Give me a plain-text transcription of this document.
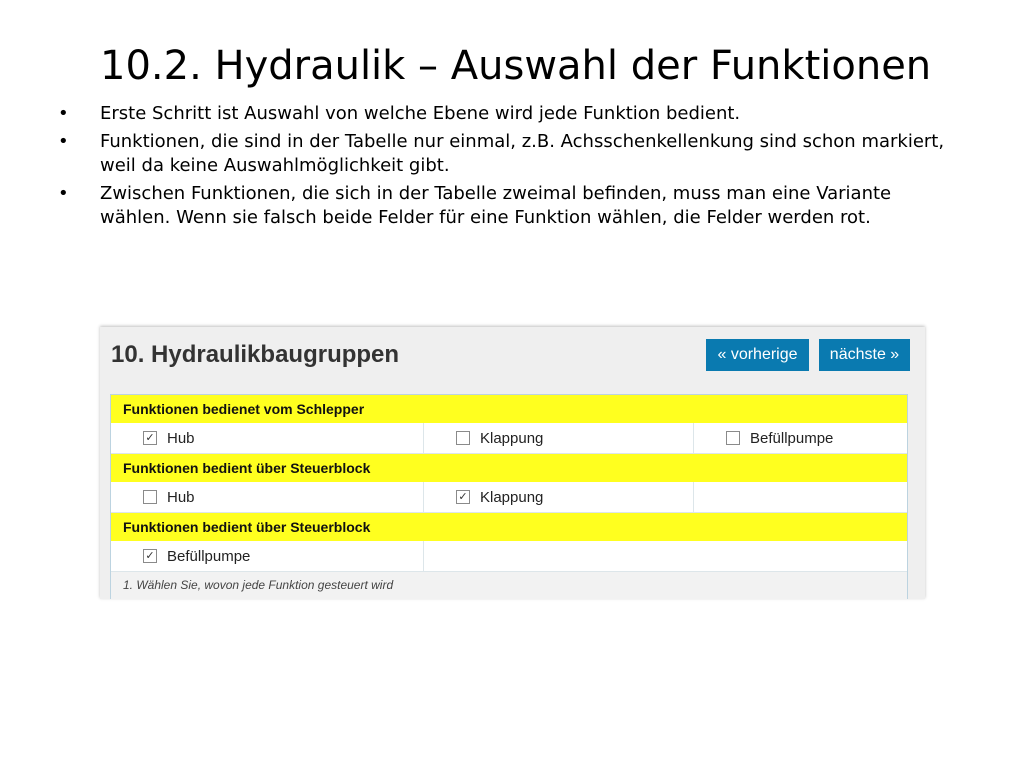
10.2. Hydraulik – Auswahl der Funktionen
• Erste Schritt ist Auswahl von welche Ebene wird jede Funktion bedient.
• Funktionen, die sind in der Tabelle nur einmal, z.B. Achsschenkellenkung sind schon markiert, weil da keine Auswahlmöglichkeit gibt.
• Zwischen Funktionen, die sich in der Tabelle zweimal befinden, muss man eine Variante wählen. Wenn sie falsch beide Felder für eine Funktion wählen, die Felder werden rot.
10. Hydraulikbaugruppen	« vorherige	nächste »
Funktionen bedienet vom Schlepper
✓ Hub	Klappung	Befüllpumpe
Funktionen bedient über Steuerblock
Hub	✓ Klappung
Funktionen bedient über Steuerblock
✓ Befüllpumpe
1. Wählen Sie, wovon jede Funktion gesteuert wird
